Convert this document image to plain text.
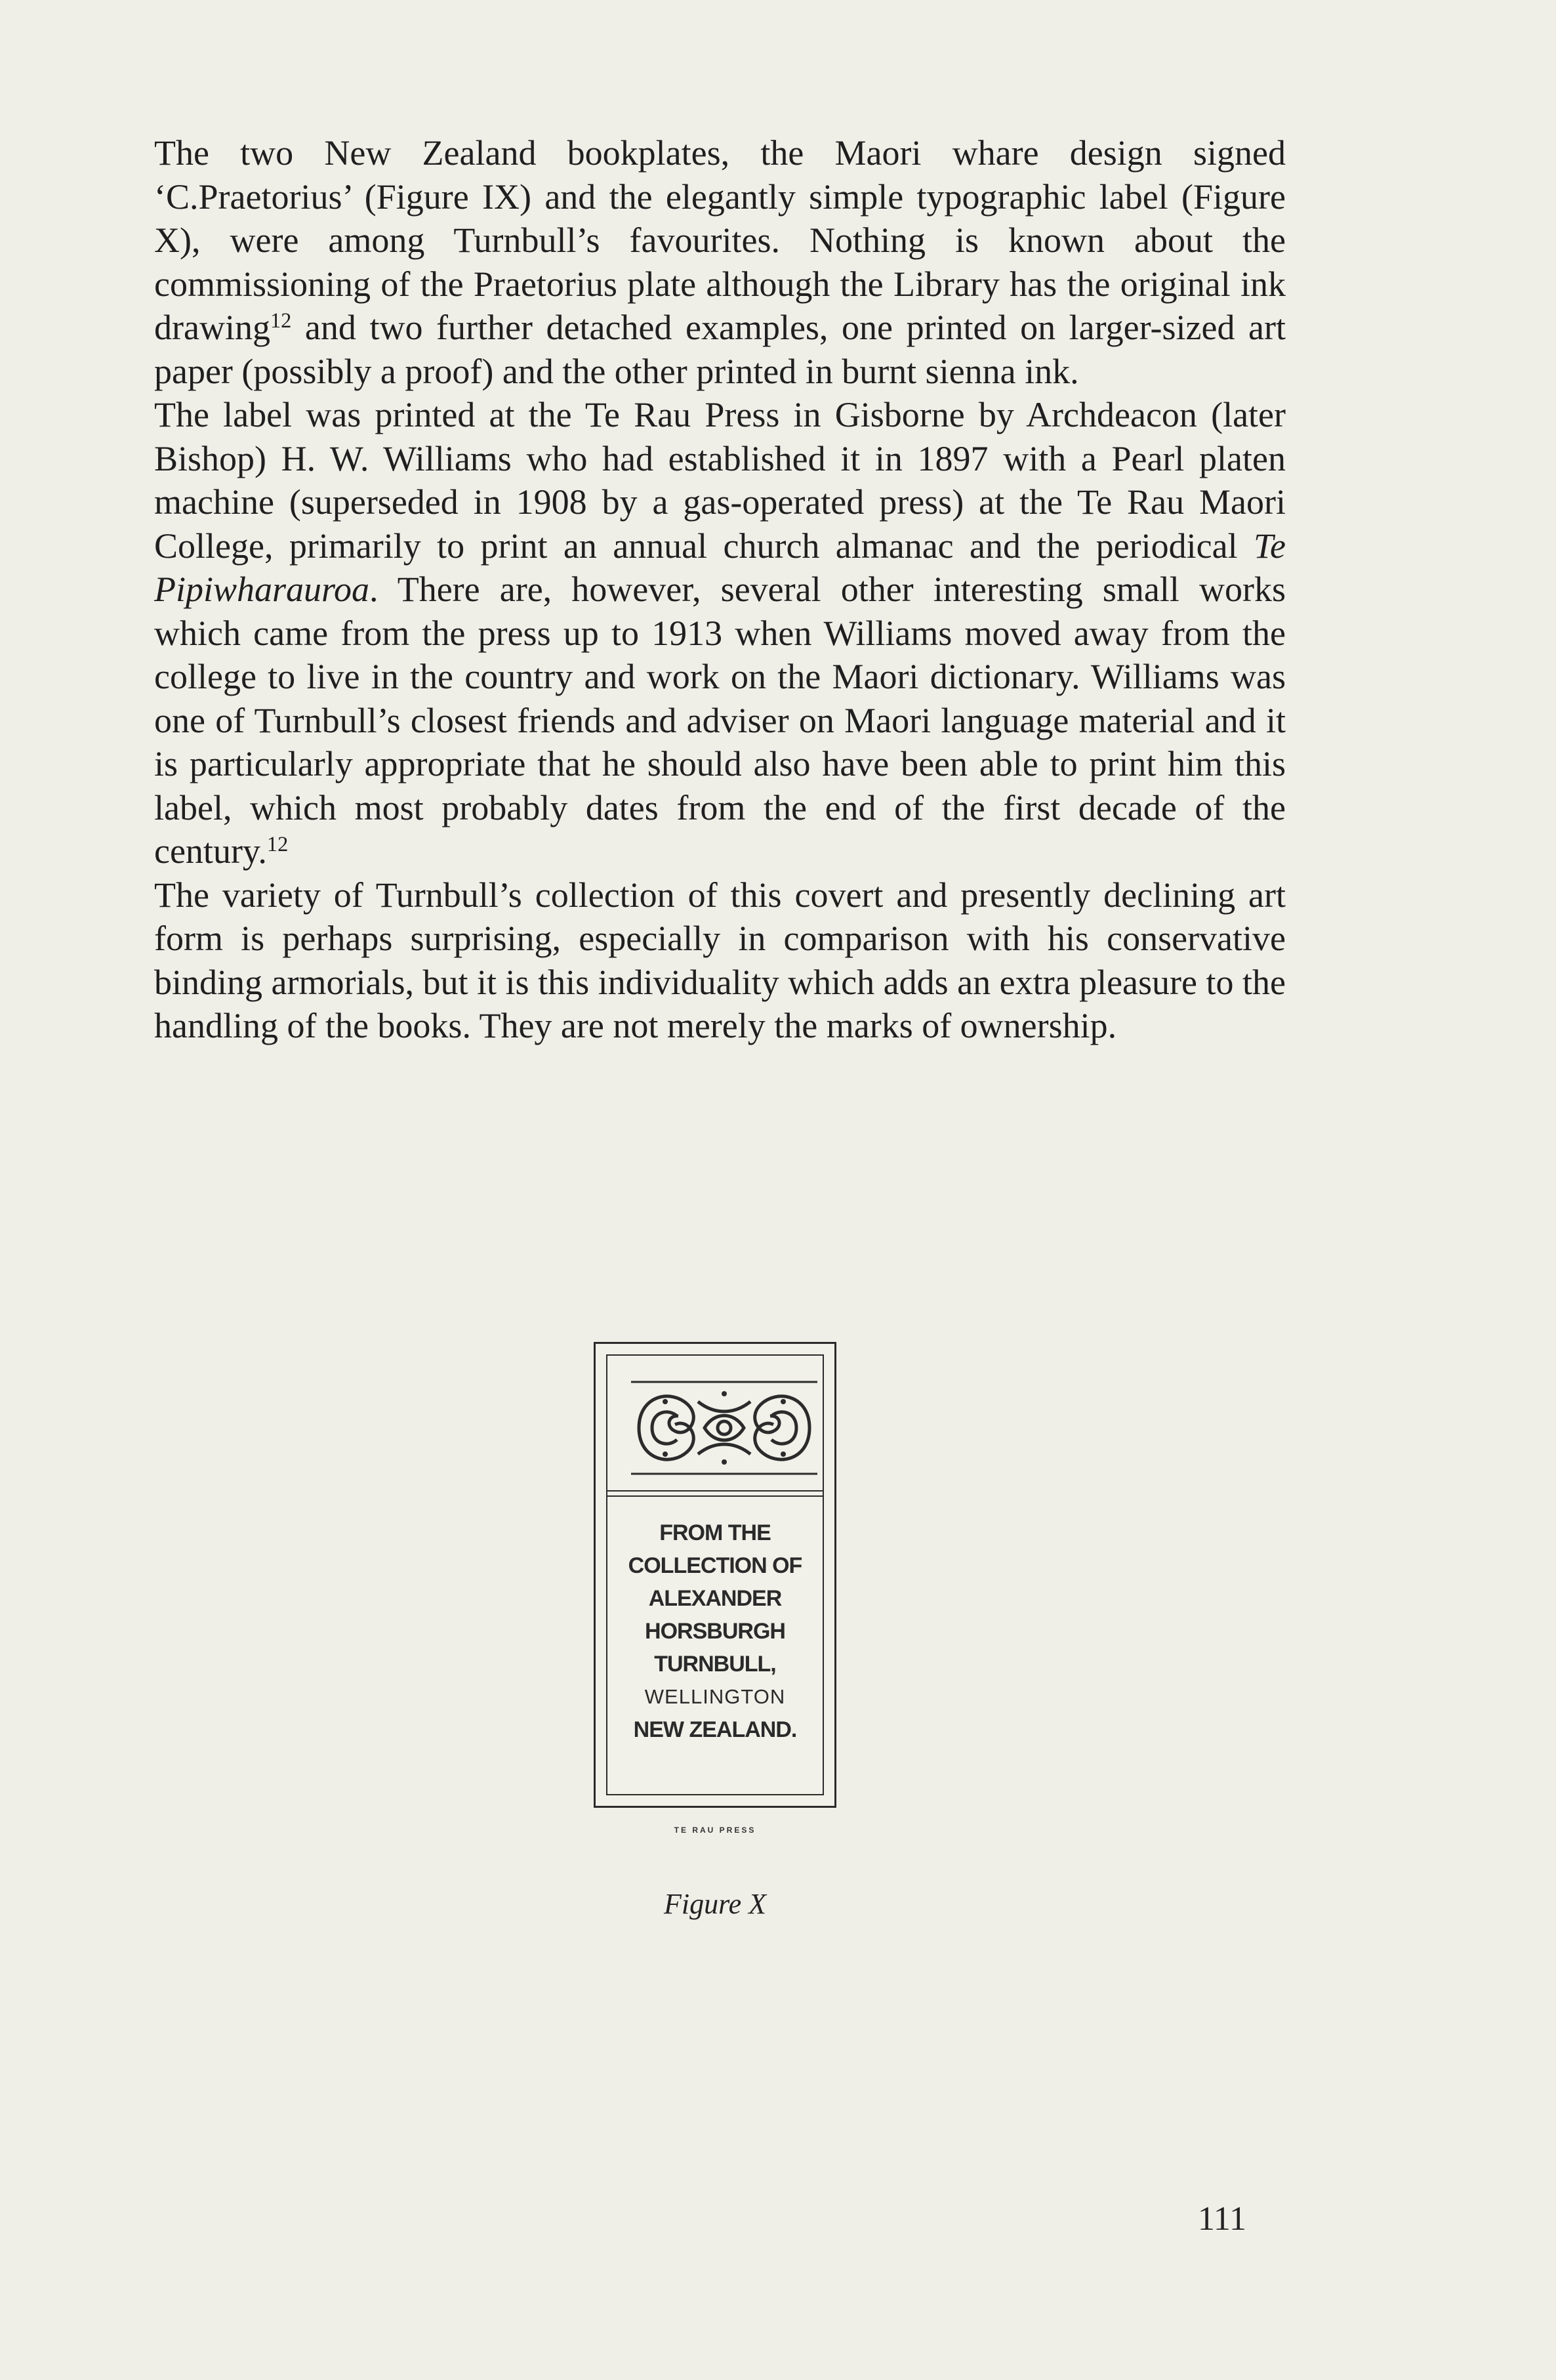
The two New Zealand bookplates, the Maori whare design signed ‘C.Praetorius’ (Figure IX) and the elegantly simple typographic label (Figure X), were among Turnbull’s favourites. Nothing is known about the commissioning of the Praetorius plate although the Library has the original ink drawing$^{12}$ and two further detached examples, one printed on larger-sized art paper (possibly a proof) and the other printed in burnt sienna ink.

The label was printed at the Te Rau Press in Gisborne by Archdeacon (later Bishop) H. W. Williams who had established it in 1897 with a Pearl platen machine (superseded in 1908 by a gas-operated press) at the Te Rau Maori College, primarily to print an annual church almanac and the periodical Te Pipiwharauroa. There are, however, several other interesting small works which came from the press up to 1913 when Williams moved away from the college to live in the country and work on the Maori dictionary. Williams was one of Turnbull’s closest friends and adviser on Maori language material and it is particularly appropriate that he should also have been able to print him this label, which most probably dates from the end of the first decade of the century.$^{12}$

The variety of Turnbull’s collection of this covert and presently declining art form is perhaps surprising, especially in comparison with his conservative binding armorials, but it is this individuality which adds an extra pleasure to the handling of the books. They are not merely the marks of ownership.

FROM THE
COLLECTION OF
ALEXANDER
HORSBURGH
TURNBULL,
WELLINGTON
NEW ZEALAND.
TE RAU PRESS
Figure X
111
